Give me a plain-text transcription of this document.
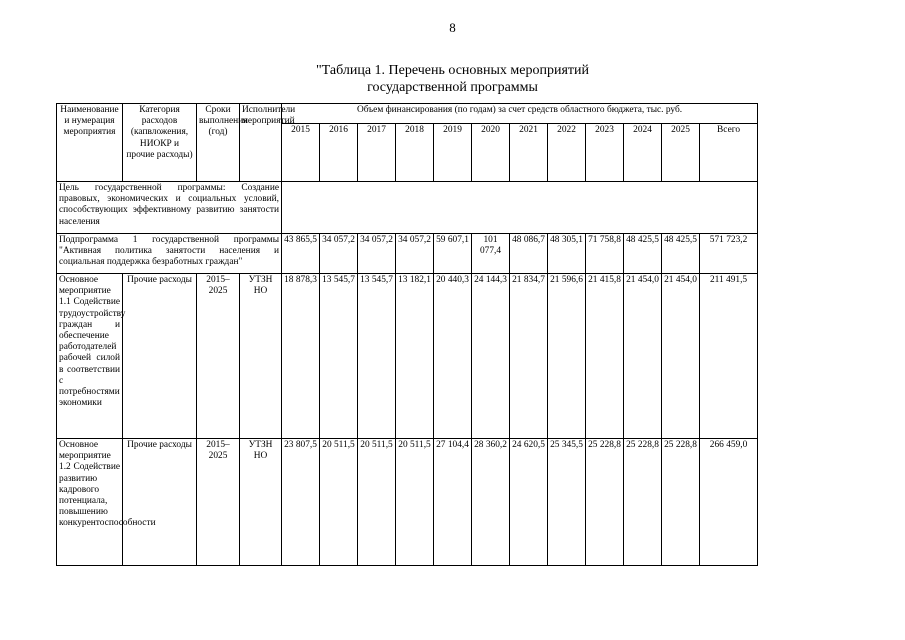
8
"Таблица 1. Перечень основных мероприятий
государственной программы
Наименование и нумерация мероприятия	Категория расходов (капвложения, НИОКР и прочие расходы)	Сроки выполнения (год)	Исполнители мероприятий	Объем финансирования (по годам) за счет средств областного бюджета, тыс. руб.											
				2015	2016	2017	2018	2019	2020	2021	2022	2023	2024	2025	Всего
Цель государственной программы: Создание правовых, экономических и социальных условий, способствующих эффективному развитию занятости населения															
Подпрограмма 1 государственной программы "Активная политика занятости населения и социальная поддержка безработных граждан"				43 865,5	34 057,2	34 057,2	34 057,2	59 607,1	101 077,4	48 086,7	48 305,1	71 758,8	48 425,5	48 425,5	571 723,2
Основное мероприятие 1.1 Содействие трудоустройству граждан и обеспечение работодателей рабочей силой в соответствии с потребностями экономики	Прочие расходы	2015–2025	УТЗН НО	18 878,3	13 545,7	13 545,7	13 182,1	20 440,3	24 144,3	21 834,7	21 596,6	21 415,8	21 454,0	21 454,0	211 491,5
Основное мероприятие 1.2 Содействие развитию кадрового потенциала, повышению конкурентоспособности	Прочие расходы	2015–2025	УТЗН НО	23 807,5	20 511,5	20 511,5	20 511,5	27 104,4	28 360,2	24 620,5	25 345,5	25 228,8	25 228,8	25 228,8	266 459,0
